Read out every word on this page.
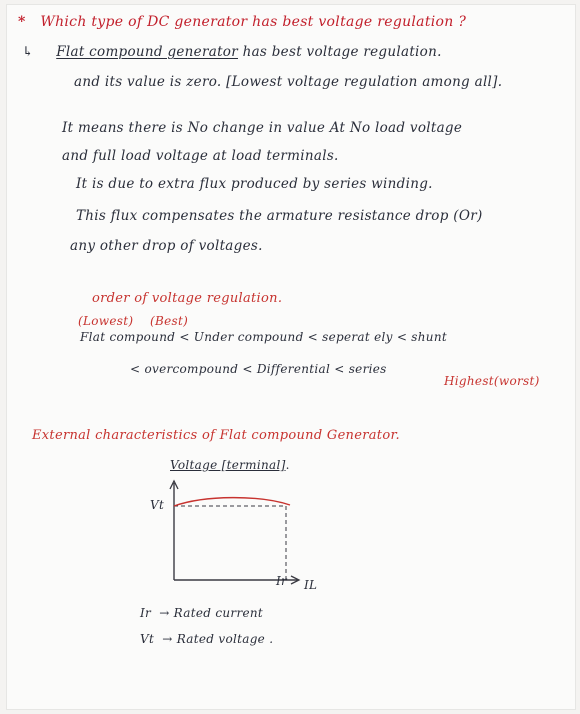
* Which type of DC generator has best voltage regulation ?
↳ Flat compound generator has best voltage regulation.
and its value is zero. [Lowest voltage regulation among all].
It means there is No change in value At No load voltage
and full load voltage at load terminals.
It is due to extra flux produced by series winding.
This flux compensates the armature resistance drop (Or)
any other drop of voltages.
order of voltage regulation.
(Lowest) (Best)
Flat compound < Under compound < seperat ely < shunt
< overcompound < Differential < series
Highest(worst)
External characteristics of Flat compound Generator.
Voltage [terminal].
Vt
Ir IL
Ir → Rated current
Vt → Rated voltage .
